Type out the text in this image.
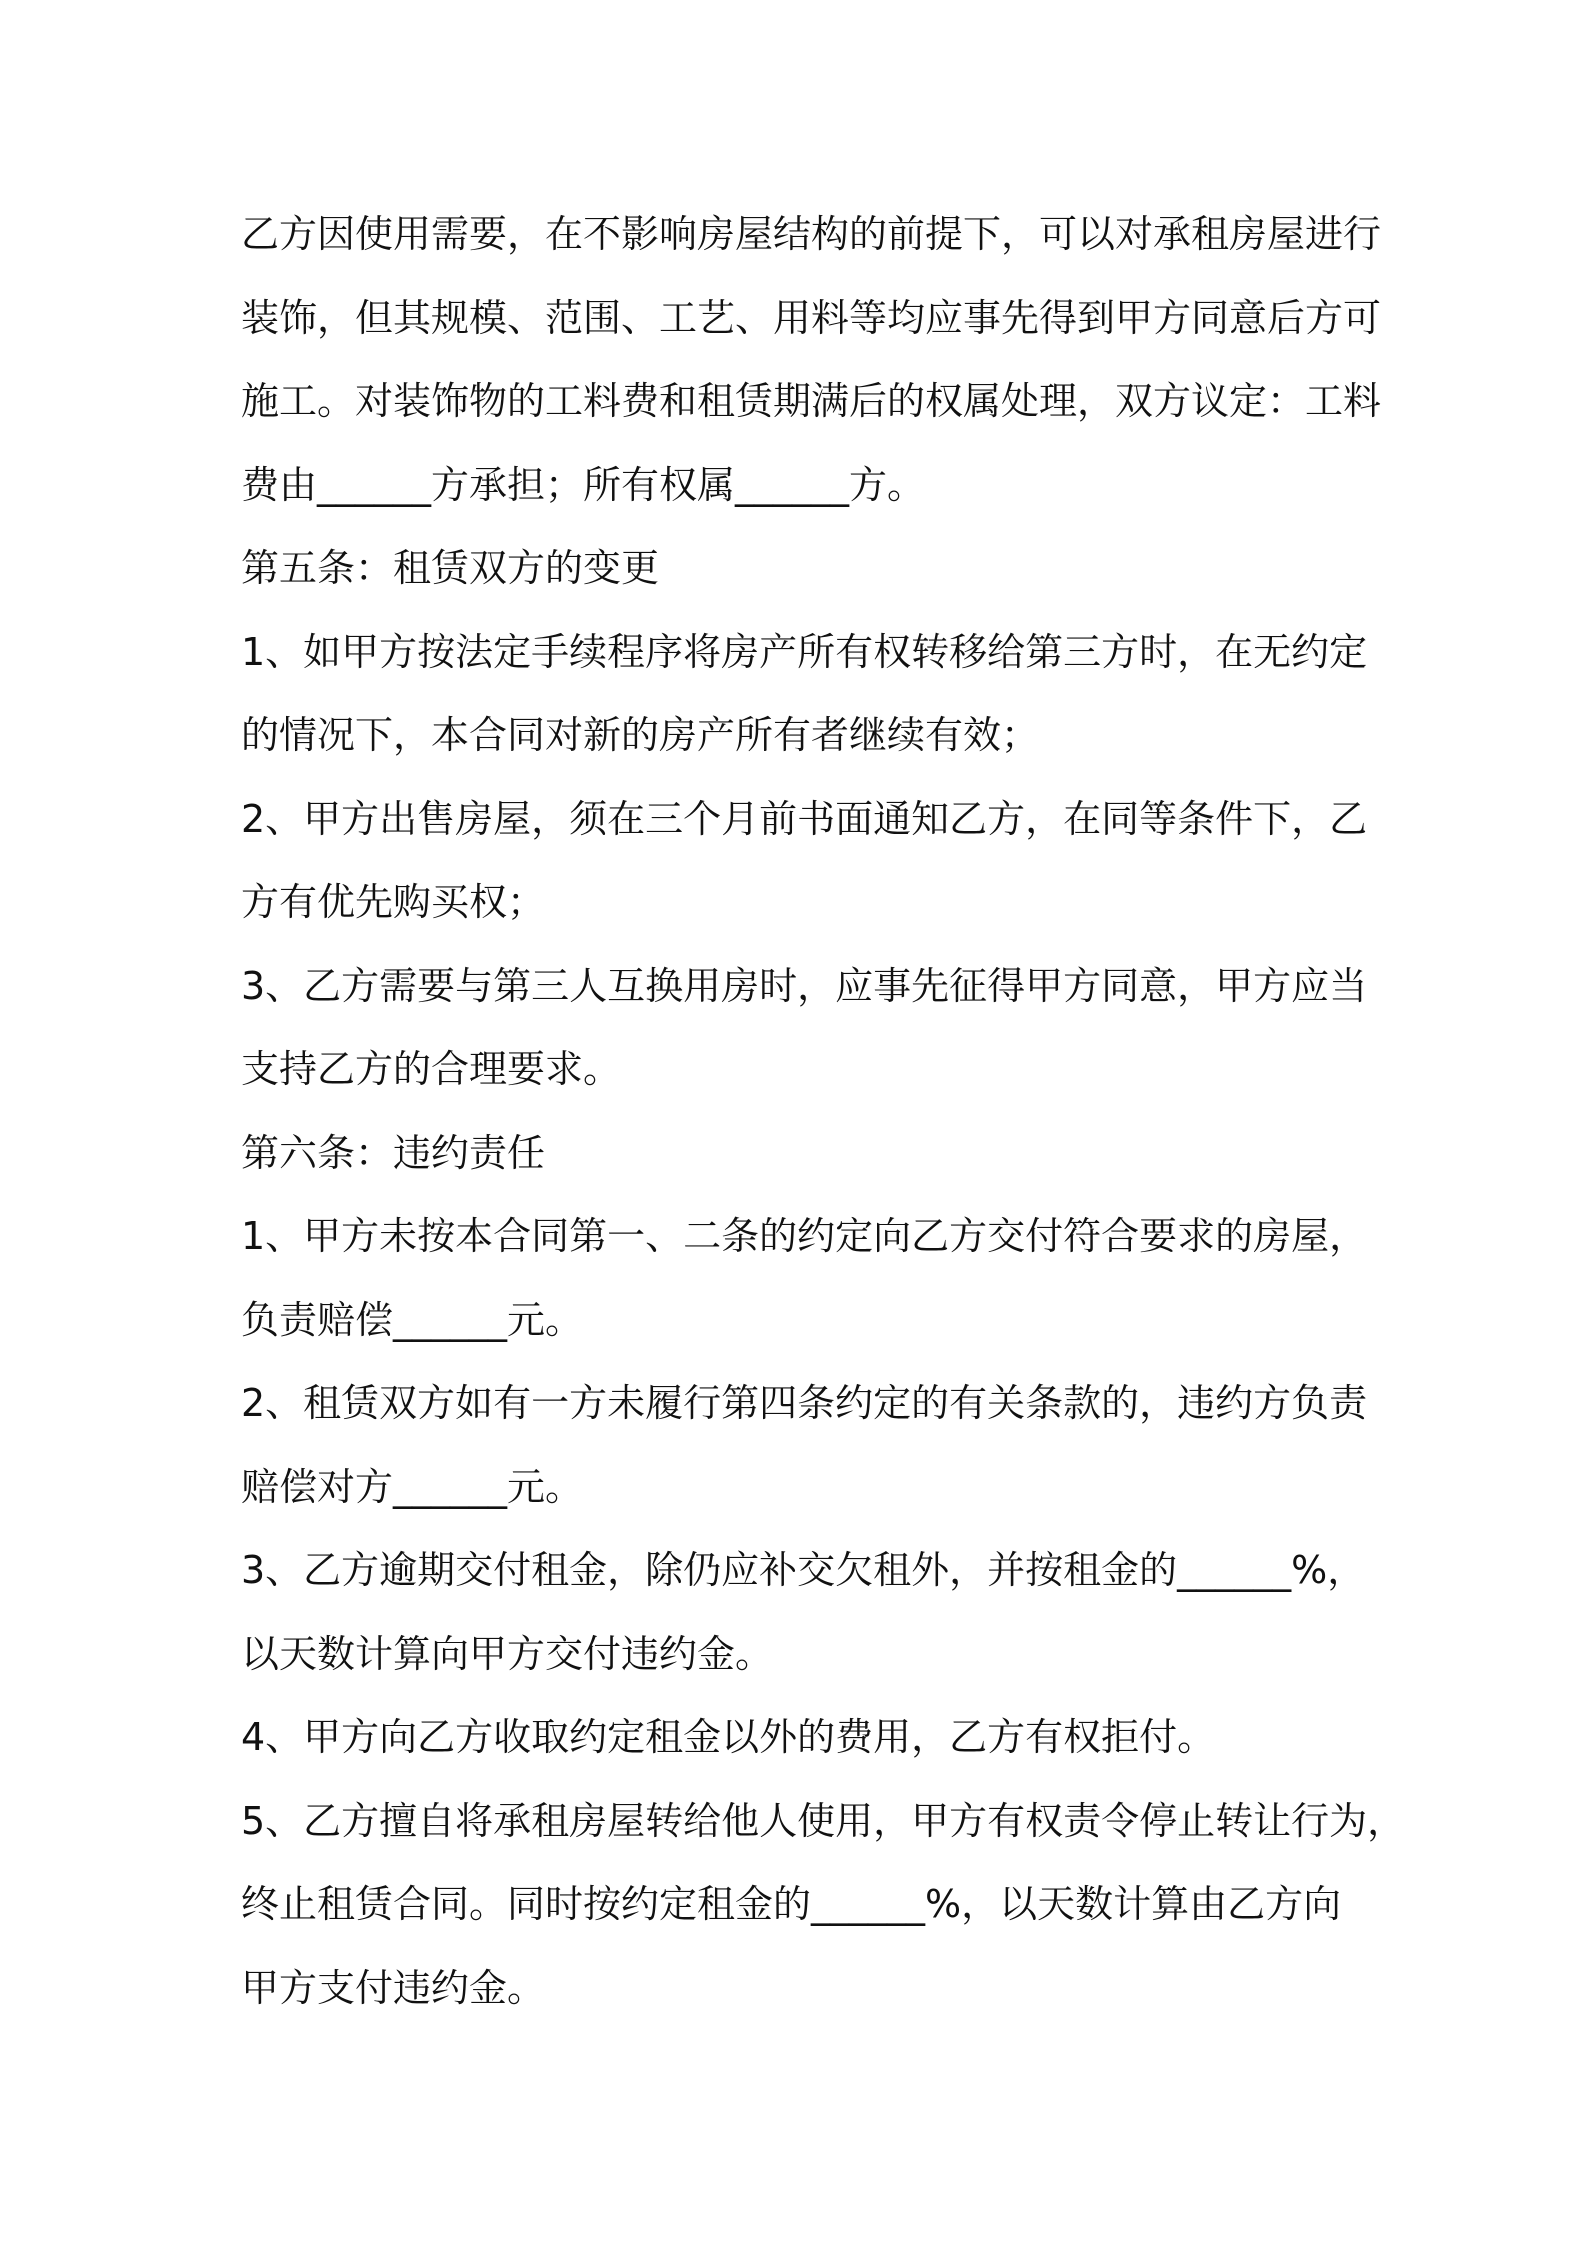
乙方因使用需要，在不影响房屋结构的前提下，可以对承租房屋进行
装饰，但其规模、范围、工艺、用料等均应事先得到甲方同意后方可
施工。对装饰物的工料费和租赁期满后的权属处理，双方议定：工料
费由______方承担；所有权属______方。
第五条：租赁双方的变更
1、如甲方按法定手续程序将房产所有权转移给第三方时，在无约定
的情况下，本合同对新的房产所有者继续有效；
2、甲方出售房屋，须在三个月前书面通知乙方，在同等条件下，乙
方有优先购买权；
3、乙方需要与第三人互换用房时，应事先征得甲方同意，甲方应当
支持乙方的合理要求。
第六条：违约责任
1、甲方未按本合同第一、二条的约定向乙方交付符合要求的房屋，
负责赔偿______元。
2、租赁双方如有一方未履行第四条约定的有关条款的，违约方负责
赔偿对方______元。
3、乙方逾期交付租金，除仍应补交欠租外，并按租金的______%，
以天数计算向甲方交付违约金。
4、甲方向乙方收取约定租金以外的费用，乙方有权拒付。
5、乙方擅自将承租房屋转给他人使用，甲方有权责令停止转让行为，
终止租赁合同。同时按约定租金的______%，以天数计算由乙方向
甲方支付违约金。
